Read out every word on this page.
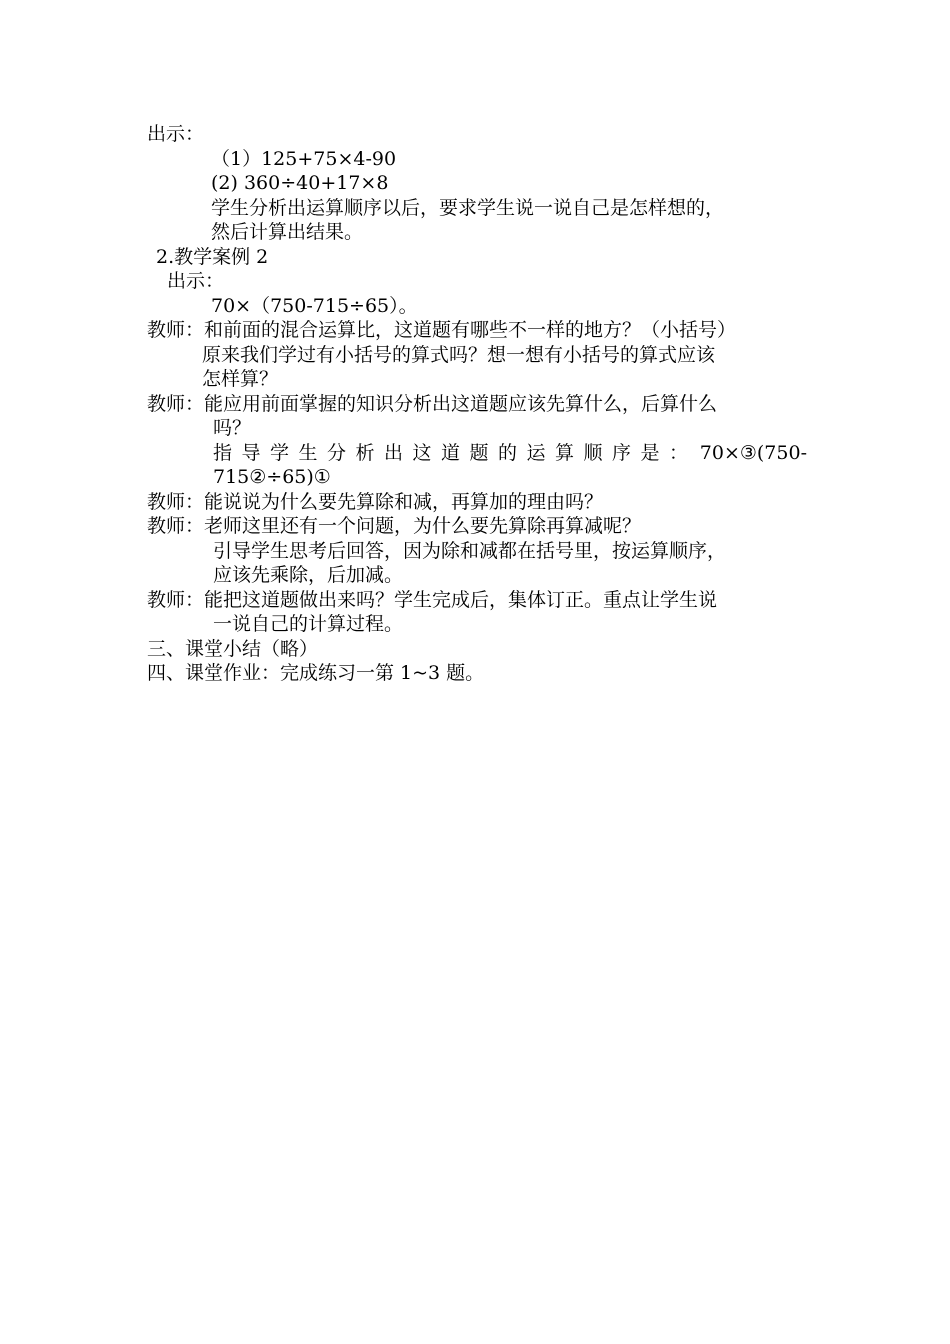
出示：
（1）125+75×4-90
(2) 360÷40+17×8
学生分析出运算顺序以后，要求学生说一说自己是怎样想的，
然后计算出结果。
2.教学案例 2
出示：
70×（750-715÷65）。
教师：和前面的混合运算比，这道题有哪些不一样的地方？（小括号）
原来我们学过有小括号的算式吗？想一想有小括号的算式应该
怎样算？
教师：能应用前面掌握的知识分析出这道题应该先算什么，后算什么
吗？
指导学生分析出这道题的运算顺序是： 70×③(750-
715②÷65)①
教师：能说说为什么要先算除和减，再算加的理由吗？
教师：老师这里还有一个问题，为什么要先算除再算减呢？
引导学生思考后回答，因为除和减都在括号里，按运算顺序，
应该先乘除，后加减。
教师：能把这道题做出来吗？学生完成后，集体订正。重点让学生说
一说自己的计算过程。
三、课堂小结（略）
四、课堂作业：完成练习一第 1~3 题。
